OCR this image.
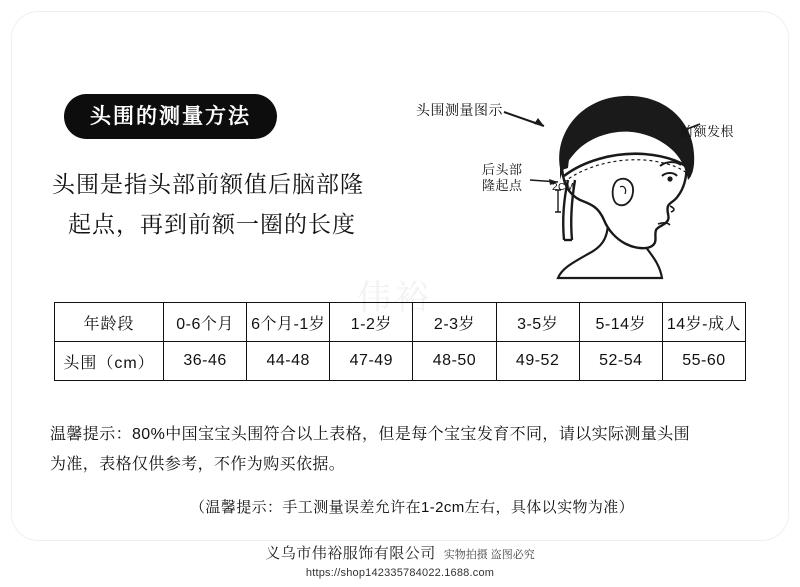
头围的测量方法
头围是指头部前额值后脑部隆
起点，再到前额一圈的长度
头围测量图示
前额发根
后头部隆起点	2CM
伟裕
年龄段	0-6个月	6个月-1岁	1-2岁	2-3岁	3-5岁	5-14岁	14岁-成人
头围（cm）	36-46	44-48	47-49	48-50	49-52	52-54	55-60
温馨提示：80%中国宝宝头围符合以上表格，但是每个宝宝发育不同，请以实际测量头围
为准，表格仅供参考，不作为购买依据。
（温馨提示：手工测量误差允许在1-2cm左右，具体以实物为准）
义乌市伟裕服饰有限公司 实物拍摄 盗图必究
https://shop142335784022.1688.com
